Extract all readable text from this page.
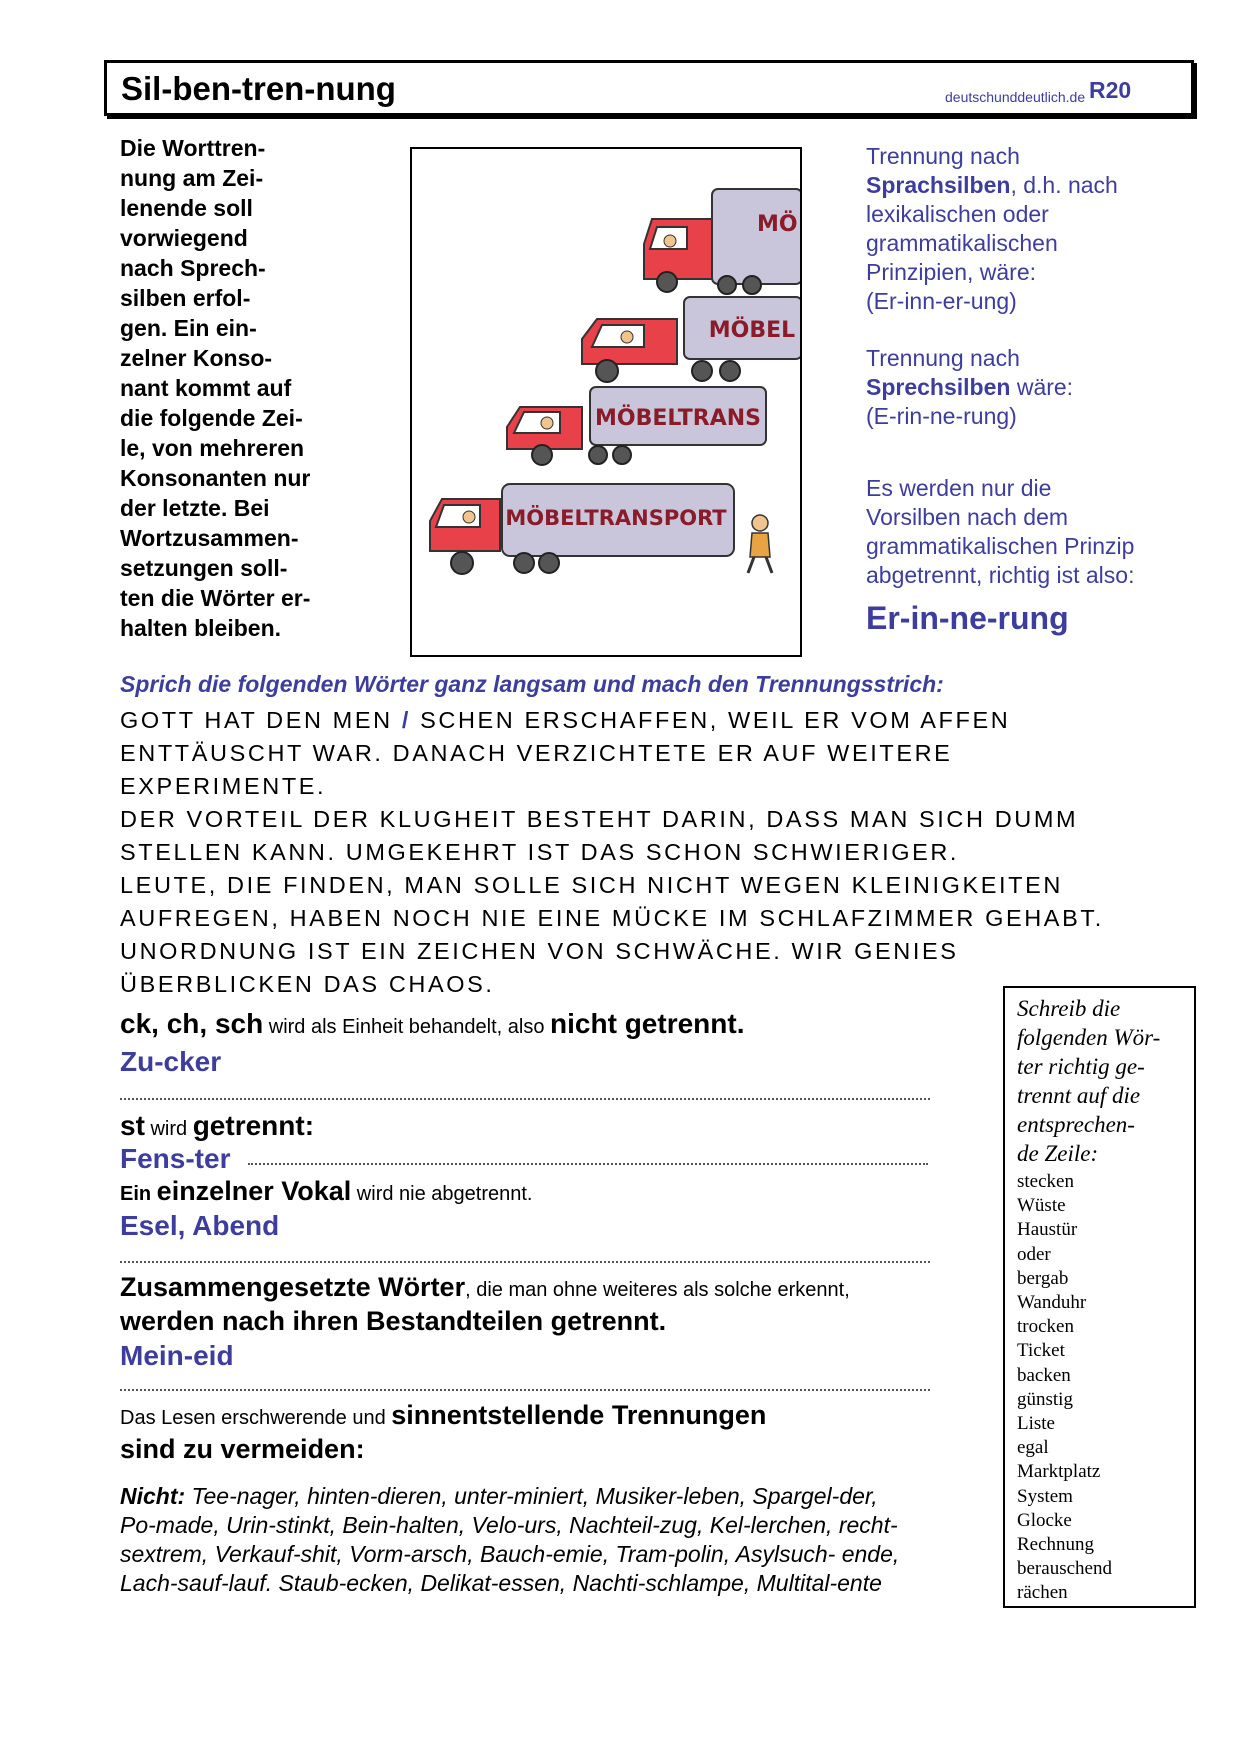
Sil-ben-tren-nung	deutschunddeutlich.de R20
Die Worttren-
nung am Zei-
lenende soll
vorwiegend
nach Sprech-
silben erfol-
gen. Ein ein-
zelner Konso-
nant kommt auf
die folgende Zei-
le, von mehreren
Konsonanten nur
der letzte. Bei
Wortzusammen-
setzungen soll-
ten die Wörter er-
halten bleiben.
MÖ
MÖBEL
MÖBELTRANS
MÖBELTRANSPORT
Trennung nach
Sprachsilben, d.h. nach
lexikalischen oder
grammatikalischen
Prinzipien, wäre:
(Er-inn-er-ung)
Trennung nach
Sprechsilben wäre:
(E-rin-ne-rung)
Es werden nur die
Vorsilben nach dem
grammatikalischen Prinzip
abgetrennt, richtig ist also:
Er-in-ne-rung
Sprich die folgenden Wörter ganz langsam und mach den Trennungsstrich:
GOTT HAT DEN MEN / SCHEN ERSCHAFFEN, WEIL ER VOM AFFEN
ENTTÄUSCHT WAR. DANACH VERZICHTETE ER AUF WEITERE
EXPERIMENTE.
DER VORTEIL DER KLUGHEIT BESTEHT DARIN, DASS MAN SICH DUMM
STELLEN KANN. UMGEKEHRT IST DAS SCHON SCHWIERIGER.
LEUTE, DIE FINDEN, MAN SOLLE SICH NICHT WEGEN KLEINIGKEITEN
AUFREGEN, HABEN NOCH NIE EINE MÜCKE IM SCHLAFZIMMER GEHABT.
UNORDNUNG IST EIN ZEICHEN VON SCHWÄCHE. WIR GENIES
ÜBERBLICKEN DAS CHAOS.
ck, ch, sch wird als Einheit behandelt, also nicht getrennt.
Zu-cker
st wird getrennt:
Fens-ter
Ein einzelner Vokal wird nie abgetrennt.
Esel, Abend
Zusammengesetzte Wörter, die man ohne weiteres als solche erkennt,
werden nach ihren Bestandteilen getrennt.
Mein-eid
Das Lesen erschwerende und sinnentstellende Trennungen
sind zu vermeiden:
Nicht: Tee-nager, hinten-dieren, unter-miniert, Musiker-leben, Spargel-der,
Po-made, Urin-stinkt, Bein-halten, Velo-urs, Nachteil-zug, Kel-lerchen, recht-
sextrem, Verkauf-shit, Vorm-arsch, Bauch-emie, Tram-polin, Asylsuch- ende,
Lach-sauf-lauf. Staub-ecken, Delikat-essen, Nachti-schlampe, Multital-ente
Schreib die
folgenden Wör-
ter richtig ge-
trennt auf die
entsprechen-
de Zeile:
stecken
Wüste
Haustür
oder
bergab
Wanduhr
trocken
Ticket
backen
günstig
Liste
egal
Marktplatz
System
Glocke
Rechnung
berauschend
rächen
